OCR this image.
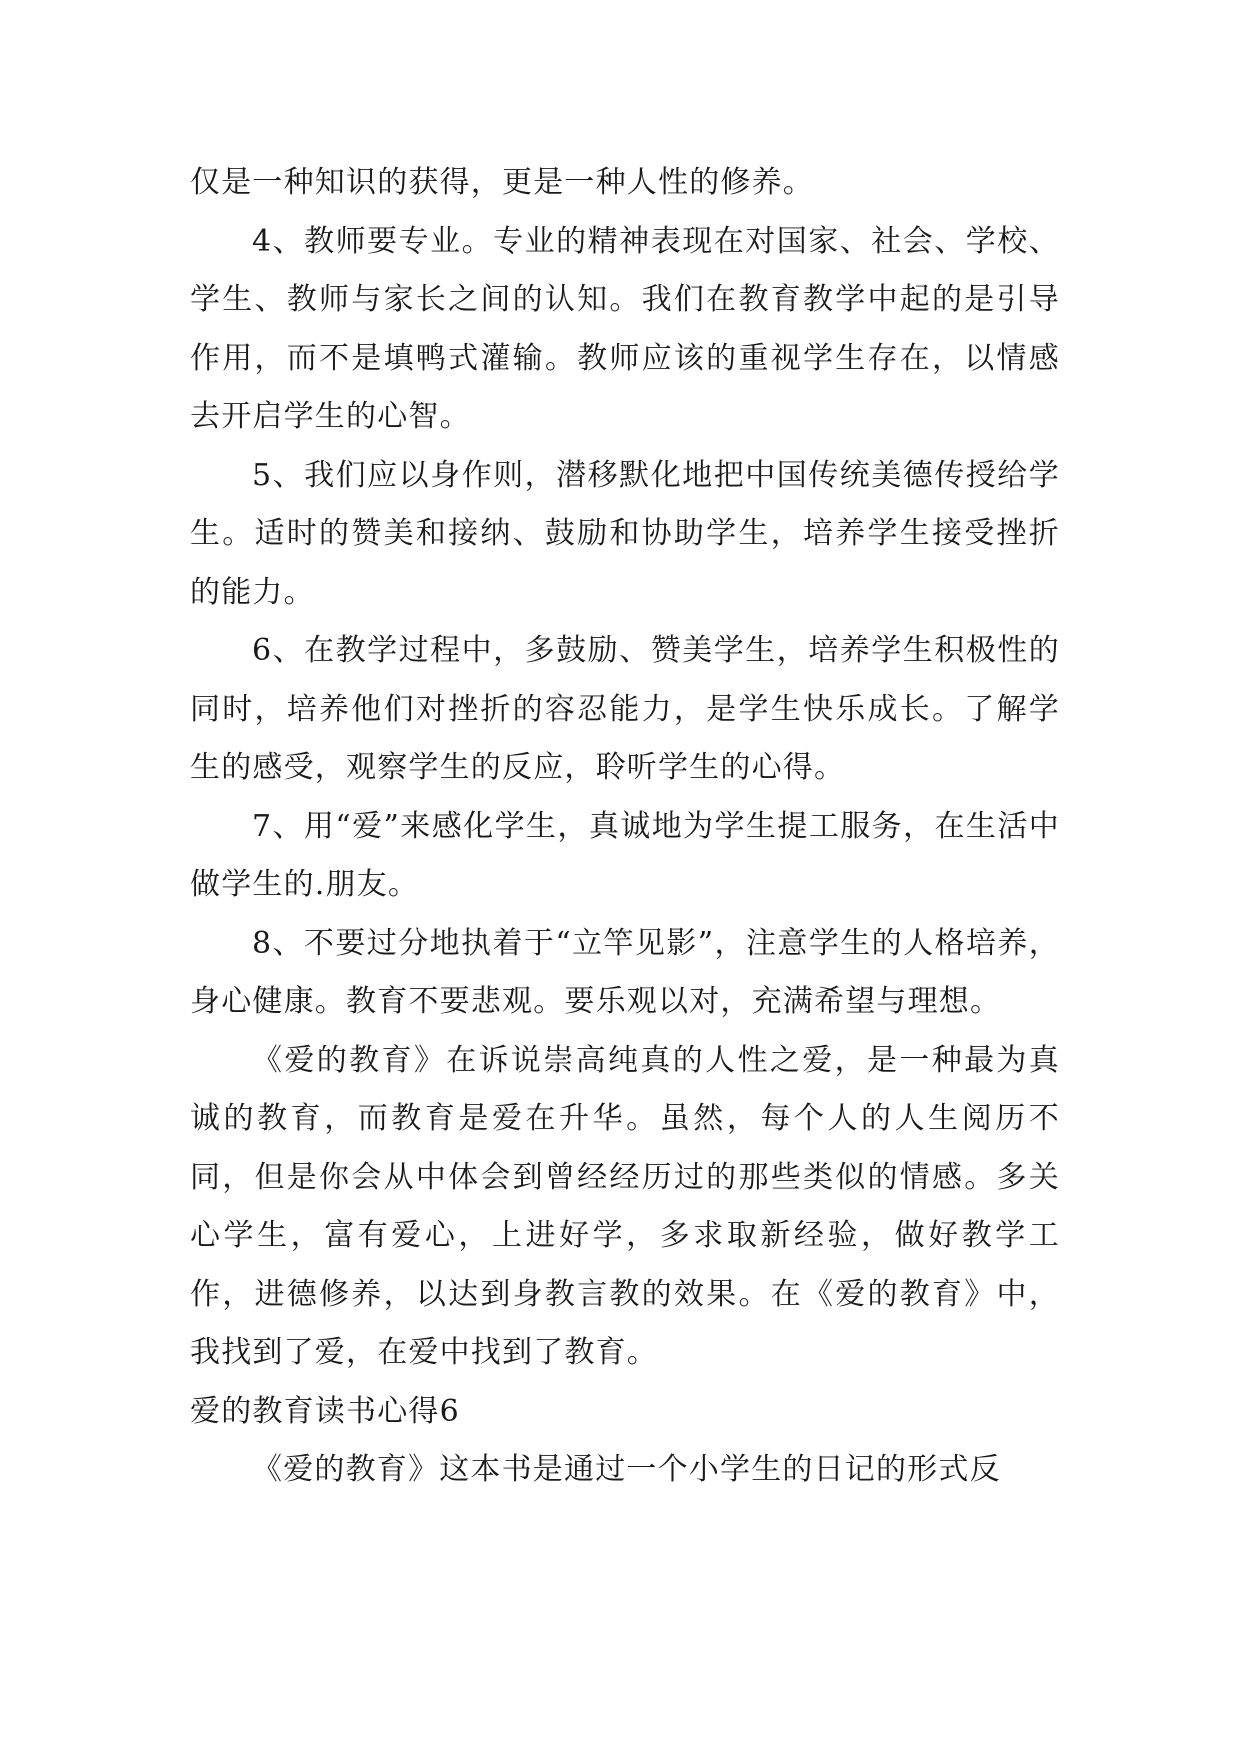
仅是一种知识的获得，更是一种人性的修养。

4、教师要专业。专业的精神表现在对国家、社会、学校、学生、教师与家长之间的认知。我们在教育教学中起的是引导作用，而不是填鸭式灌输。教师应该的重视学生存在，以情感去开启学生的心智。

5、我们应以身作则，潜移默化地把中国传统美德传授给学生。适时的赞美和接纳、鼓励和协助学生，培养学生接受挫折的能力。

6、在教学过程中，多鼓励、赞美学生，培养学生积极性的同时，培养他们对挫折的容忍能力，是学生快乐成长。了解学生的感受，观察学生的反应，聆听学生的心得。

7、用“爱”来感化学生，真诚地为学生提工服务，在生活中做学生的.朋友。

8、不要过分地执着于“立竿见影”，注意学生的人格培养，身心健康。教育不要悲观。要乐观以对，充满希望与理想。

《爱的教育》在诉说崇高纯真的人性之爱，是一种最为真诚的教育，而教育是爱在升华。虽然，每个人的人生阅历不同，但是你会从中体会到曾经经历过的那些类似的情感。多关心学生，富有爱心，上进好学，多求取新经验，做好教学工作，进德修养，以达到身教言教的效果。在《爱的教育》中，我找到了爱，在爱中找到了教育。

爱的教育读书心得6

《爱的教育》这本书是通过一个小学生的日记的形式反
